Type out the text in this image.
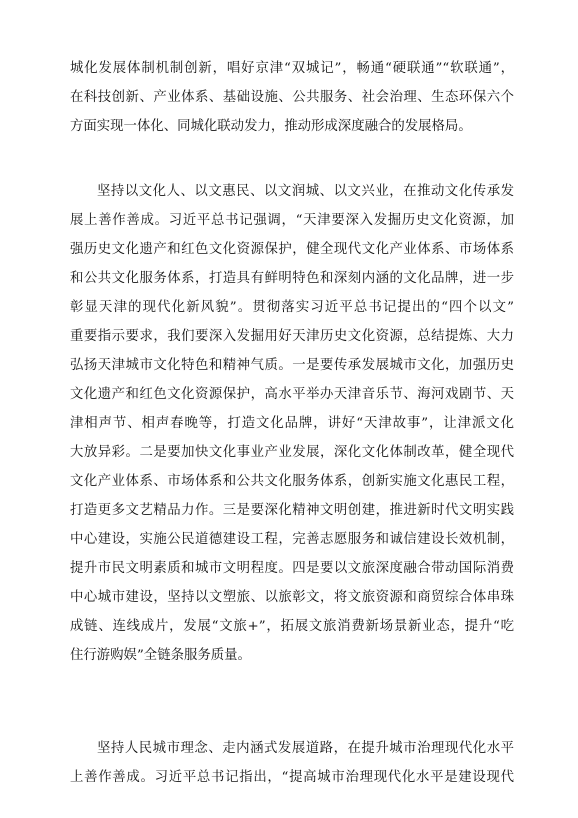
城化发展体制机制创新，唱好京津“双城记”，畅通“硬联通”“软联通”，
在科技创新、产业体系、基础设施、公共服务、社会治理、生态环保六个
方面实现一体化、同城化联动发力，推动形成深度融合的发展格局。
坚持以文化人、以文惠民、以文润城、以文兴业，在推动文化传承发
展上善作善成。习近平总书记强调，“天津要深入发掘历史文化资源，加
强历史文化遗产和红色文化资源保护，健全现代文化产业体系、市场体系
和公共文化服务体系，打造具有鲜明特色和深刻内涵的文化品牌，进一步
彰显天津的现代化新风貌”。贯彻落实习近平总书记提出的“四个以文”
重要指示要求，我们要深入发掘用好天津历史文化资源，总结提炼、大力
弘扬天津城市文化特色和精神气质。一是要传承发展城市文化，加强历史
文化遗产和红色文化资源保护，高水平举办天津音乐节、海河戏剧节、天
津相声节、相声春晚等，打造文化品牌，讲好“天津故事”，让津派文化
大放异彩。二是要加快文化事业产业发展，深化文化体制改革，健全现代
文化产业体系、市场体系和公共文化服务体系，创新实施文化惠民工程，
打造更多文艺精品力作。三是要深化精神文明创建，推进新时代文明实践
中心建设，实施公民道德建设工程，完善志愿服务和诚信建设长效机制，
提升市民文明素质和城市文明程度。四是要以文旅深度融合带动国际消费
中心城市建设，坚持以文塑旅、以旅彰文，将文旅资源和商贸综合体串珠
成链、连线成片，发展“文旅+”，拓展文旅消费新场景新业态，提升“吃
住行游购娱”全链条服务质量。
坚持人民城市理念、走内涵式发展道路，在提升城市治理现代化水平
上善作善成。习近平总书记指出，“提高城市治理现代化水平是建设现代
